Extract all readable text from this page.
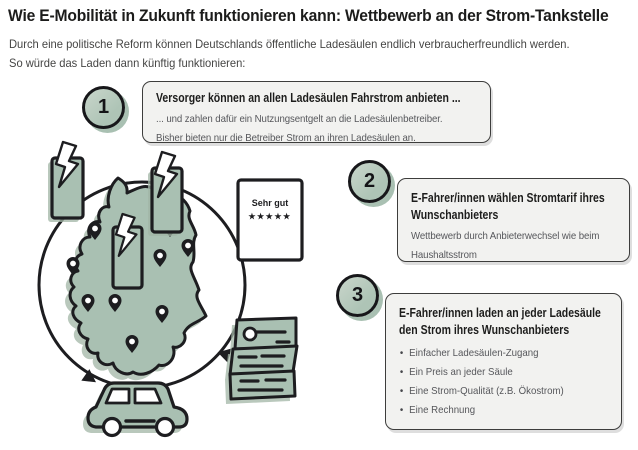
Wie E-Mobilität in Zukunft funktionieren kann: Wettbewerb an der Strom-Tankstelle
Durch eine politische Reform können Deutschlands öffentliche Ladesäulen endlich verbraucherfreundlich werden.
So würde das Laden dann künftig funktionieren:
1
2
3
Versorger können an allen Ladesäulen Fahrstrom anbieten ...
... und zahlen dafür ein Nutzungsentgelt an die Ladesäulenbetreiber.
Bisher bieten nur die Betreiber Strom an ihren Ladesäulen an.
E-Fahrer/innen wählen Stromtarif ihres
Wunschanbieters
Wettbewerb durch Anbieterwechsel wie beim
Haushaltsstrom
E-Fahrer/innen laden an jeder Ladesäule
den Strom ihres Wunschanbieters
• Einfacher Ladesäulen-Zugang
• Ein Preis an jeder Säule
• Eine Strom-Qualität (z.B. Ökostrom)
• Eine Rechnung
Sehr gut
★★★★★
